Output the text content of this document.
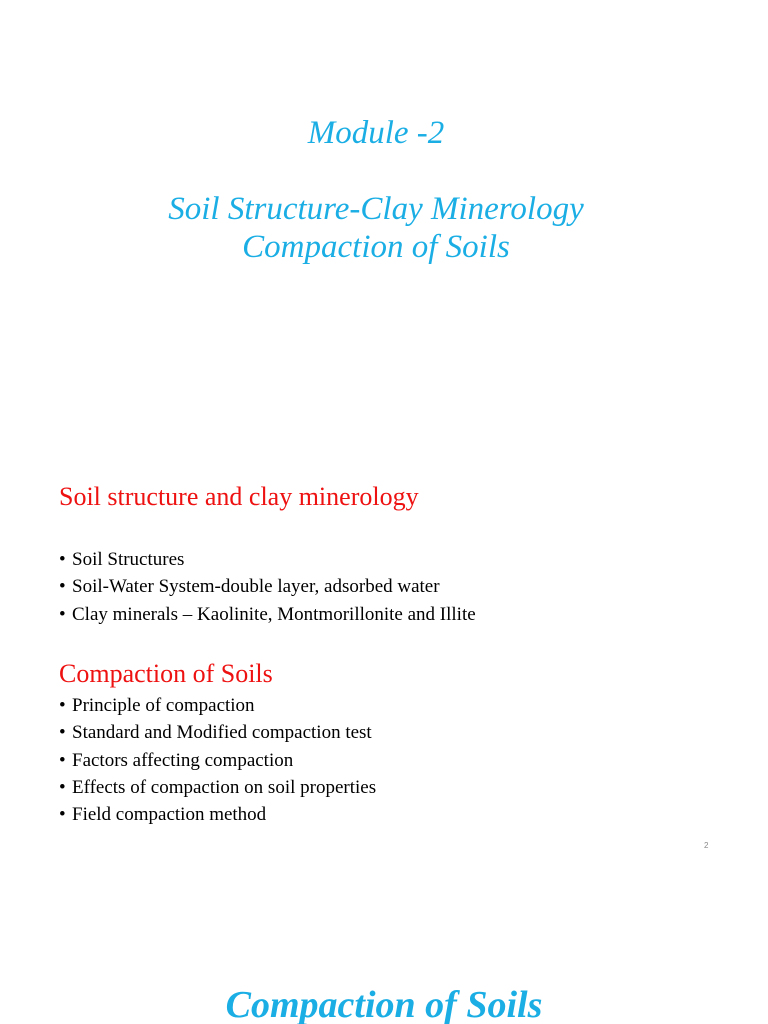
Module -2
Soil Structure-Clay Minerology
Compaction of Soils
Soil structure and clay minerology
• Soil Structures
• Soil-Water System-double layer, adsorbed water
• Clay minerals – Kaolinite, Montmorillonite and Illite
Compaction of Soils
• Principle of compaction
• Standard and Modified compaction test
• Factors affecting compaction
• Effects of compaction on soil properties
• Field compaction method
2
Compaction of Soils
